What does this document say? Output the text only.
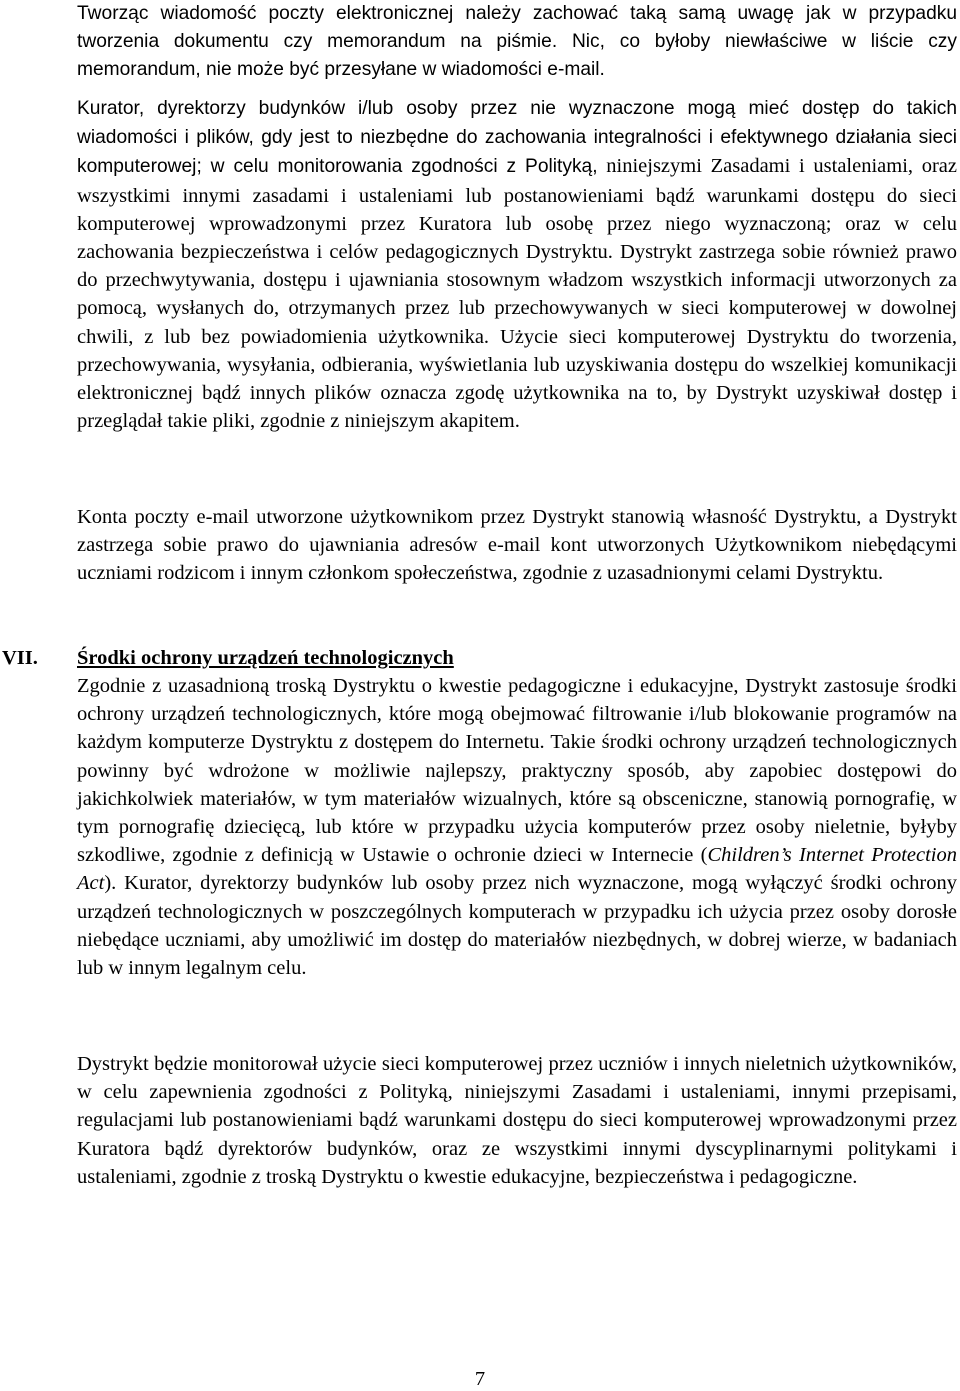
Tworząc wiadomość poczty elektronicznej należy zachować taką samą uwagę jak w przypadku tworzenia dokumentu czy memorandum na piśmie. Nic, co byłoby niewłaściwe w liście czy memorandum, nie może być przesyłane w wiadomości e-mail.

Kurator, dyrektorzy budynków i/lub osoby przez nie wyznaczone mogą mieć dostęp do takich wiadomości i plików, gdy jest to niezbędne do zachowania integralności i efektywnego działania sieci komputerowej; w celu monitorowania zgodności z Polityką, niniejszymi Zasadami i ustaleniami, oraz wszystkimi innymi zasadami i ustaleniami lub postanowieniami bądź warunkami dostępu do sieci komputerowej wprowadzonymi przez Kuratora lub osobę przez niego wyznaczoną; oraz w celu zachowania bezpieczeństwa i celów pedagogicznych Dystryktu. Dystrykt zastrzega sobie również prawo do przechwytywania, dostępu i ujawniania stosownym władzom wszystkich informacji utworzonych za pomocą, wysłanych do, otrzymanych przez lub przechowywanych w sieci komputerowej w dowolnej chwili, z lub bez powiadomienia użytkownika. Użycie sieci komputerowej Dystryktu do tworzenia, przechowywania, wysyłania, odbierania, wyświetlania lub uzyskiwania dostępu do wszelkiej komunikacji elektronicznej bądź innych plików oznacza zgodę użytkownika na to, by Dystrykt uzyskiwał dostęp i przeglądał takie pliki, zgodnie z niniejszym akapitem.

Konta poczty e-mail utworzone użytkownikom przez Dystrykt stanowią własność Dystryktu, a Dystrykt zastrzega sobie prawo do ujawniania adresów e-mail kont utworzonych Użytkownikom niebędącymi uczniami rodzicom i innym członkom społeczeństwa, zgodnie z uzasadnionymi celami Dystryktu.

VII. Środki ochrony urządzeń technologicznych

Zgodnie z uzasadnioną troską Dystryktu o kwestie pedagogiczne i edukacyjne, Dystrykt zastosuje środki ochrony urządzeń technologicznych, które mogą obejmować filtrowanie i/lub blokowanie programów na każdym komputerze Dystryktu z dostępem do Internetu. Takie środki ochrony urządzeń technologicznych powinny być wdrożone w możliwie najlepszy, praktyczny sposób, aby zapobiec dostępowi do jakichkolwiek materiałów, w tym materiałów wizualnych, które są obsceniczne, stanowią pornografię, w tym pornografię dziecięcą, lub które w przypadku użycia komputerów przez osoby nieletnie, byłyby szkodliwe, zgodnie z definicją w Ustawie o ochronie dzieci w Internecie (Children’s Internet Protection Act). Kurator, dyrektorzy budynków lub osoby przez nich wyznaczone, mogą wyłączyć środki ochrony urządzeń technologicznych w poszczególnych komputerach w przypadku ich użycia przez osoby dorosłe niebędące uczniami, aby umożliwić im dostęp do materiałów niezbędnych, w dobrej wierze, w badaniach lub w innym legalnym celu.

Dystrykt będzie monitorował użycie sieci komputerowej przez uczniów i innych nieletnich użytkowników, w celu zapewnienia zgodności z Polityką, niniejszymi Zasadami i ustaleniami, innymi przepisami, regulacjami lub postanowieniami bądź warunkami dostępu do sieci komputerowej wprowadzonymi przez Kuratora bądź dyrektorów budynków, oraz ze wszystkimi innymi dyscyplinarnymi politykami i ustaleniami, zgodnie z troską Dystryktu o kwestie edukacyjne, bezpieczeństwa i pedagogiczne.

7
